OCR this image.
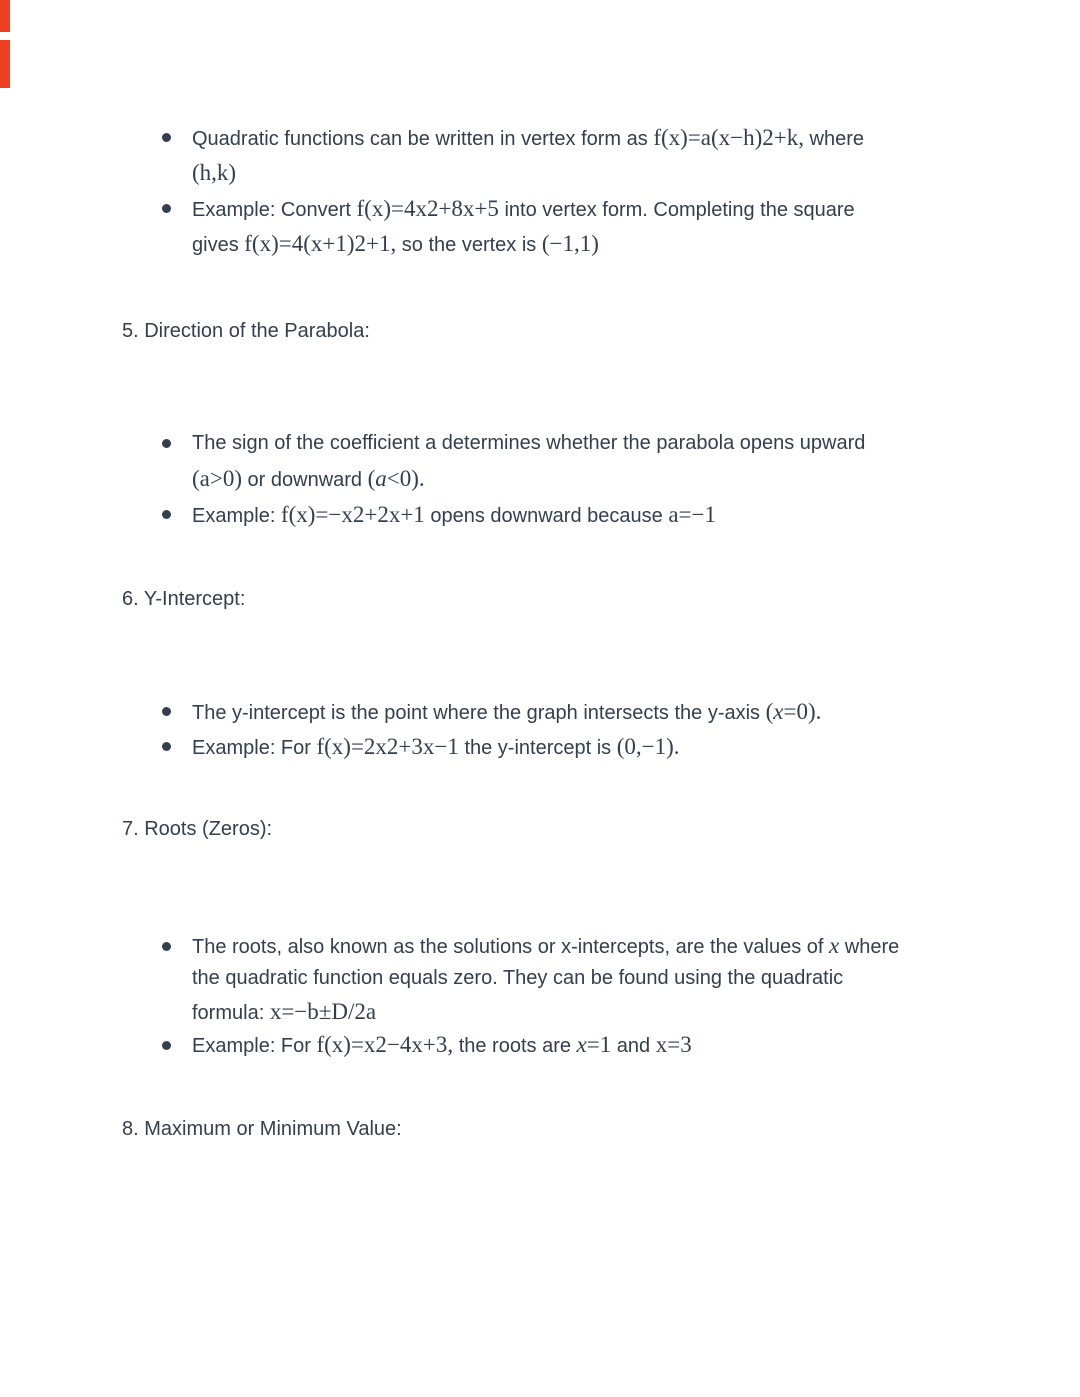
Quadratic functions can be written in vertex form as f(x)=a(x−h)2+k, where
(h,k)
Example: Convert f(x)=4x2+8x+5 into vertex form. Completing the square
gives f(x)=4(x+1)2+1, so the vertex is (−1,1)
5. Direction of the Parabola:
The sign of the coefficient a determines whether the parabola opens upward
(a>0) or downward (a<0).
Example: f(x)=−x2+2x+1 opens downward because a=−1
6. Y-Intercept:
The y-intercept is the point where the graph intersects the y-axis (x=0).
Example: For f(x)=2x2+3x−1 the y-intercept is (0,−1).
7. Roots (Zeros):
The roots, also known as the solutions or x-intercepts, are the values of x where
the quadratic function equals zero. They can be found using the quadratic
formula: x=−b±D/2a
Example: For f(x)=x2−4x+3, the roots are x=1 and x=3
8. Maximum or Minimum Value:
